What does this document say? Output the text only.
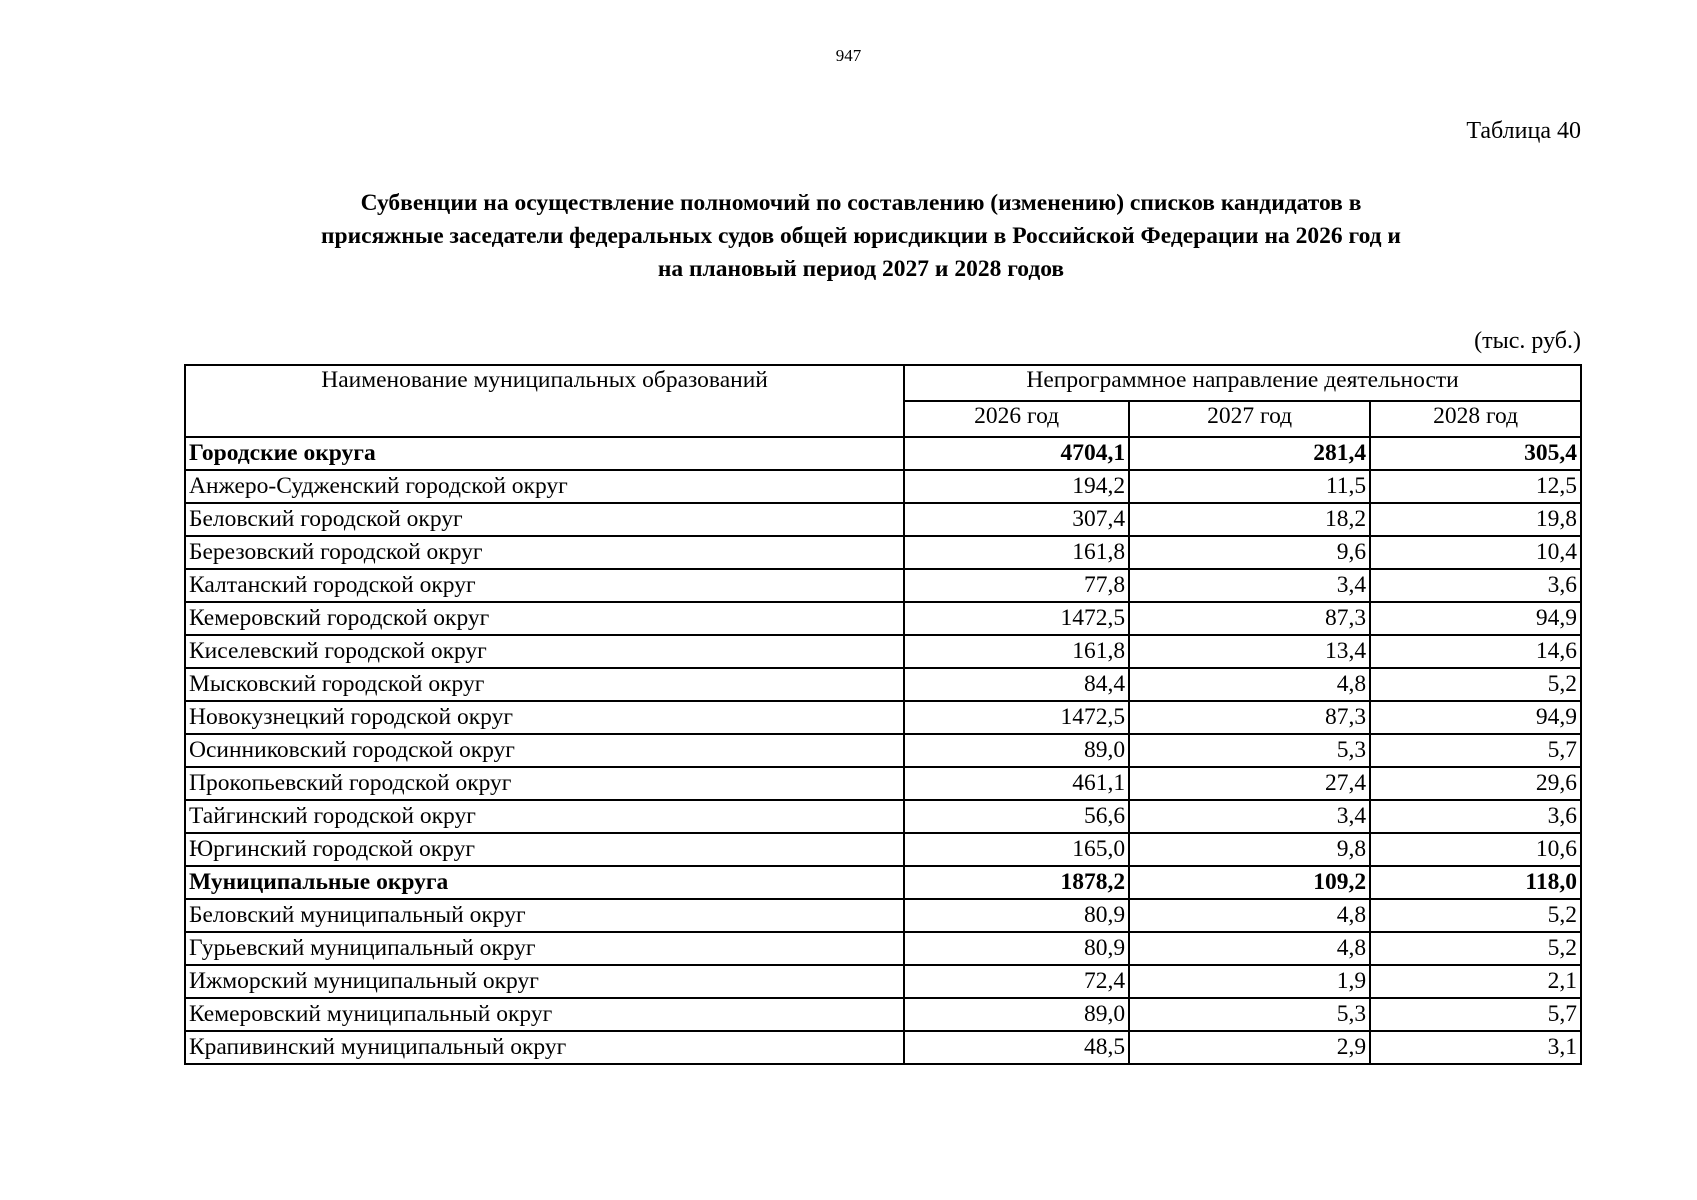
947
Таблица 40
Субвенции на осуществление полномочий по составлению (изменению) списков кандидатов в
присяжные заседатели федеральных судов общей юрисдикции в Российской Федерации на 2026 год и
на плановый период 2027 и 2028 годов
(тыс. руб.)
Наименование муниципальных образований	Непрограммное направление деятельности		
	2026 год	2027 год	2028 год
Городские округа	4704,1	281,4	305,4
Анжеро-Судженский городской округ	194,2	11,5	12,5
Беловский городской округ	307,4	18,2	19,8
Березовский городской округ	161,8	9,6	10,4
Калтанский городской округ	77,8	3,4	3,6
Кемеровский городской округ	1472,5	87,3	94,9
Киселевский городской округ	161,8	13,4	14,6
Мысковский городской округ	84,4	4,8	5,2
Новокузнецкий городской округ	1472,5	87,3	94,9
Осинниковский городской округ	89,0	5,3	5,7
Прокопьевский городской округ	461,1	27,4	29,6
Тайгинский городской округ	56,6	3,4	3,6
Юргинский городской округ	165,0	9,8	10,6
Муниципальные округа	1878,2	109,2	118,0
Беловский муниципальный округ	80,9	4,8	5,2
Гурьевский муниципальный округ	80,9	4,8	5,2
Ижморский муниципальный округ	72,4	1,9	2,1
Кемеровский муниципальный округ	89,0	5,3	5,7
Крапивинский муниципальный округ	48,5	2,9	3,1
